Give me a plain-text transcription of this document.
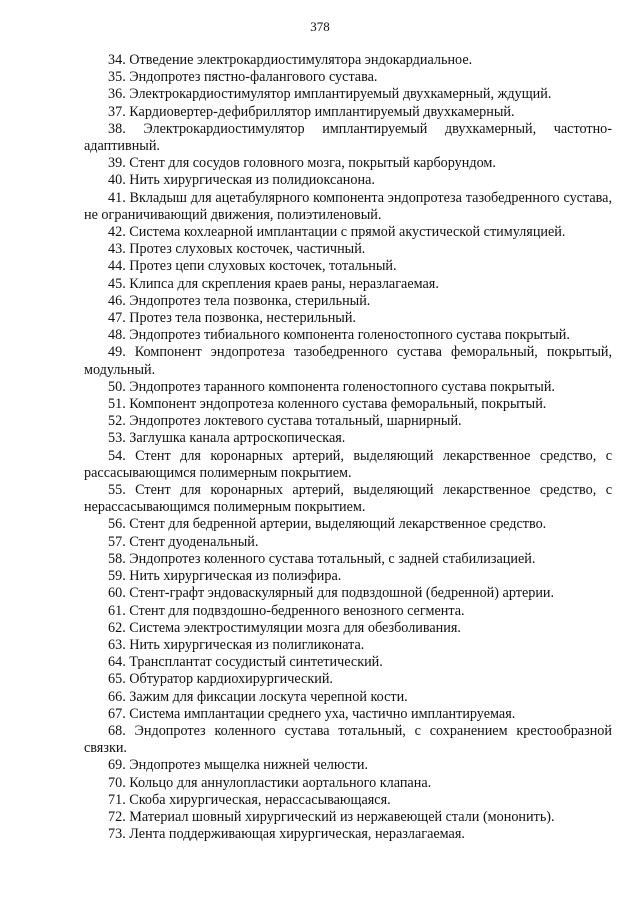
378

34. Отведение электрокардиостимулятора эндокардиальное.

35. Эндопротез пястно-фалангового сустава.

36. Электрокардиостимулятор имплантируемый двухкамерный, ждущий.

37. Кардиовертер-дефибриллятор имплантируемый двухкамерный.

38. Электрокардиостимулятор имплантируемый двухкамерный, частотно-адаптивный.

39. Стент для сосудов головного мозга, покрытый карборундом.

40. Нить хирургическая из полидиоксанона.

41. Вкладыш для ацетабулярного компонента эндопротеза тазобедренного сустава, не ограничивающий движения, полиэтиленовый.

42. Система кохлеарной имплантации с прямой акустической стимуляцией.

43. Протез слуховых косточек, частичный.

44. Протез цепи слуховых косточек, тотальный.

45. Клипса для скрепления краев раны, неразлагаемая.

46. Эндопротез тела позвонка, стерильный.

47. Протез тела позвонка, нестерильный.

48. Эндопротез тибиального компонента голеностопного сустава покрытый.

49. Компонент эндопротеза тазобедренного сустава феморальный, покрытый, модульный.

50. Эндопротез таранного компонента голеностопного сустава покрытый.

51. Компонент эндопротеза коленного сустава феморальный, покрытый.

52. Эндопротез локтевого сустава тотальный, шарнирный.

53. Заглушка канала артроскопическая.

54. Стент для коронарных артерий, выделяющий лекарственное средство, с рассасывающимся полимерным покрытием.

55. Стент для коронарных артерий, выделяющий лекарственное средство, с нерассасывающимся полимерным покрытием.

56. Стент для бедренной артерии, выделяющий лекарственное средство.

57. Стент дуоденальный.

58. Эндопротез коленного сустава тотальный, с задней стабилизацией.

59. Нить хирургическая из полиэфира.

60. Стент-графт эндоваскулярный для подвздошной (бедренной) артерии.

61. Стент для подвздошно-бедренного венозного сегмента.

62. Система электростимуляции мозга для обезболивания.

63. Нить хирургическая из полигликоната.

64. Трансплантат сосудистый синтетический.

65. Обтуратор кардиохирургический.

66. Зажим для фиксации лоскута черепной кости.

67. Система имплантации среднего уха, частично имплантируемая.

68. Эндопротез коленного сустава тотальный, с сохранением крестообразной связки.

69. Эндопротез мыщелка нижней челюсти.

70. Кольцо для аннулопластики аортального клапана.

71. Скоба хирургическая, нерассасывающаяся.

72. Материал шовный хирургический из нержавеющей стали (мононить).

73. Лента поддерживающая хирургическая, неразлагаемая.
